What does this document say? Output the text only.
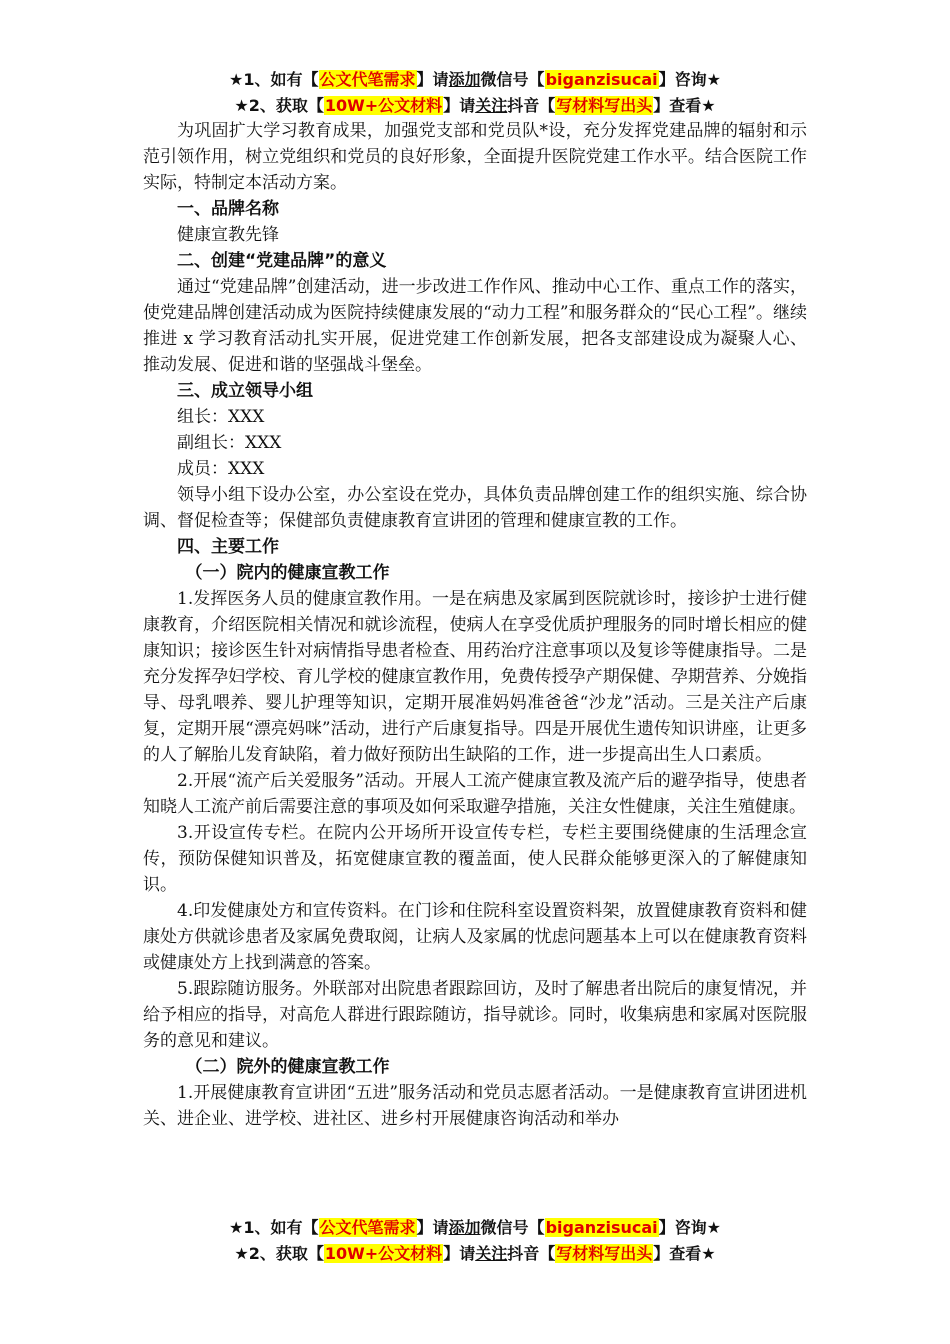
★1、如有【公文代笔需求】请添加微信号【biganzisucai】咨询★
★2、获取【10W+公文材料】请关注抖音【写材料写出头】查看★

为巩固扩大学习教育成果，加强党支部和党员队*设，充分发挥党建品牌的辐射和示范引领作用，树立党组织和党员的良好形象，全面提升医院党建工作水平。结合医院工作实际，特制定本活动方案。

一、品牌名称

健康宣教先锋

二、创建“党建品牌”的意义

通过“党建品牌”创建活动，进一步改进工作作风、推动中心工作、重点工作的落实，使党建品牌创建活动成为医院持续健康发展的“动力工程”和服务群众的“民心工程”。继续推进 x 学习教育活动扎实开展，促进党建工作创新发展，把各支部建设成为凝聚人心、推动发展、促进和谐的坚强战斗堡垒。

三、成立领导小组

组长：XXX

副组长：XXX

成员：XXX

领导小组下设办公室，办公室设在党办，具体负责品牌创建工作的组织实施、综合协调、督促检查等；保健部负责健康教育宣讲团的管理和健康宣教的工作。

四、主要工作

（一）院内的健康宣教工作

1.发挥医务人员的健康宣教作用。一是在病患及家属到医院就诊时，接诊护士进行健康教育，介绍医院相关情况和就诊流程，使病人在享受优质护理服务的同时增长相应的健康知识；接诊医生针对病情指导患者检查、用药治疗注意事项以及复诊等健康指导。二是充分发挥孕妇学校、育儿学校的健康宣教作用，免费传授孕产期保健、孕期营养、分娩指导、母乳喂养、婴儿护理等知识，定期开展准妈妈准爸爸“沙龙”活动。三是关注产后康复，定期开展“漂亮妈咪”活动，进行产后康复指导。四是开展优生遗传知识讲座，让更多的人了解胎儿发育缺陷，着力做好预防出生缺陷的工作，进一步提高出生人口素质。

2.开展“流产后关爱服务”活动。开展人工流产健康宣教及流产后的避孕指导，使患者知晓人工流产前后需要注意的事项及如何采取避孕措施，关注女性健康，关注生殖健康。

3.开设宣传专栏。在院内公开场所开设宣传专栏，专栏主要围绕健康的生活理念宣传，预防保健知识普及，拓宽健康宣教的覆盖面，使人民群众能够更深入的了解健康知识。

4.印发健康处方和宣传资料。在门诊和住院科室设置资料架，放置健康教育资料和健康处方供就诊患者及家属免费取阅，让病人及家属的忧虑问题基本上可以在健康教育资料或健康处方上找到满意的答案。

5.跟踪随访服务。外联部对出院患者跟踪回访，及时了解患者出院后的康复情况，并给予相应的指导，对高危人群进行跟踪随访，指导就诊。同时，收集病患和家属对医院服务的意见和建议。

（二）院外的健康宣教工作

1.开展健康教育宣讲团“五进”服务活动和党员志愿者活动。一是健康教育宣讲团进机关、进企业、进学校、进社区、进乡村开展健康咨询活动和举办

★1、如有【公文代笔需求】请添加微信号【biganzisucai】咨询★
★2、获取【10W+公文材料】请关注抖音【写材料写出头】查看★
